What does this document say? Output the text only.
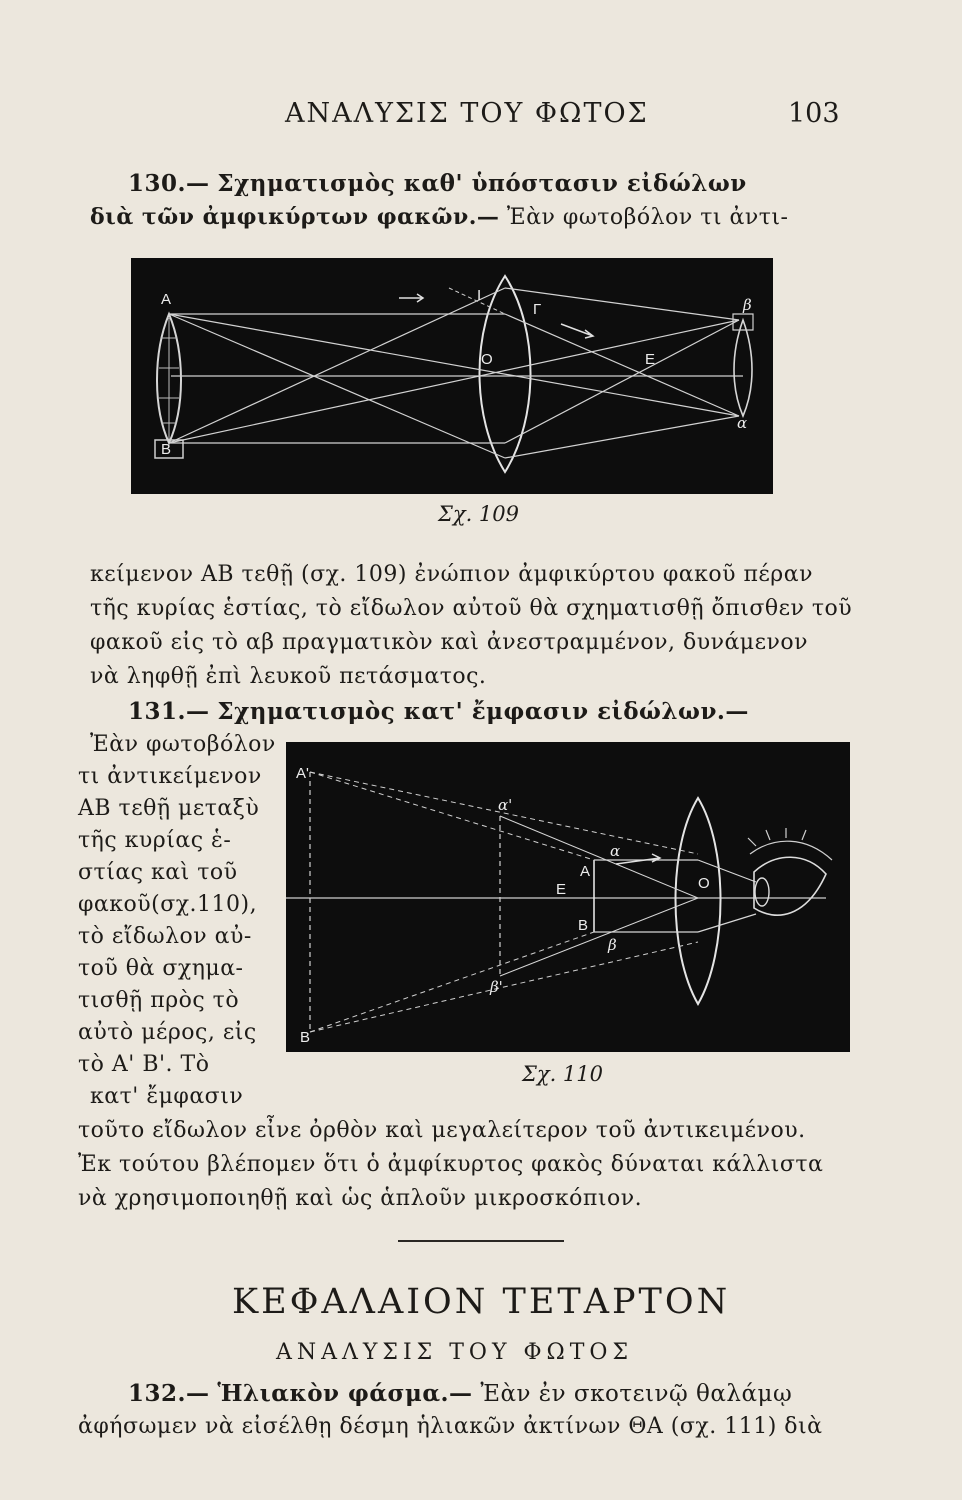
ΑΝΑΛΥΣΙΣ ΤΟΥ ΦΩΤΟΣ	103
130.— Σχηματισμὸς καθ' ὑπόστασιν εἰδώλων
διὰ τῶν ἀμφικύρτων φακῶν.— Ἐὰν φωτοβόλον τι ἀντι-
Α
Β
Ι
Γ
Ο	Ε
β
α
Σχ. 109
κείμενον ΑΒ τεθῇ (σχ. 109) ἐνώπιον ἀμφικύρτου φακοῦ πέραν
τῆς κυρίας ἑστίας, τὸ εἴδωλον αὐτοῦ θὰ σχηματισθῇ ὄπισθεν τοῦ
φακοῦ εἰς τὸ αβ πραγματικὸν καὶ ἀνεστραμμένον, δυνάμενον
νὰ ληφθῇ ἐπὶ λευκοῦ πετάσματος.
131.— Σχηματισμὸς κατ' ἔμφασιν εἰδώλων.—
Ἐὰν φωτοβόλον
τι ἀντικείμενον
ΑΒ τεθῇ μεταξὺ
τῆς κυρίας ἑ-
στίας καὶ τοῦ
φακοῦ(σχ.110),
τὸ εἴδωλον αὐ-
τοῦ θὰ σχημα-
τισθῇ πρὸς τὸ
αὐτὸ μέρος, εἰς
τὸ Α' Β'. Τὸ
κατ' ἔμφασιν
Α'
α'
α
Α
Ε	Ο
Β
β
β'
Β
Σχ. 110
τοῦτο εἴδωλον εἶνε ὀρθὸν καὶ μεγαλείτερον τοῦ ἀντικειμένου.
Ἐκ τούτου βλέπομεν ὅτι ὁ ἀμφίκυρτος φακὸς δύναται κάλλιστα
νὰ χρησιμοποιηθῇ καὶ ὡς ἁπλοῦν μικροσκόπιον.
ΚΕΦΑΛΑΙΟΝ ΤΕΤΑΡΤΟΝ
ΑΝΑΛΥΣΙΣ ΤΟΥ ΦΩΤΟΣ
132.— Ἡλιακὸν φάσμα.— Ἐὰν ἐν σκοτεινῷ θαλάμῳ
ἀφήσωμεν νὰ εἰσέλθῃ δέσμη ἡλιακῶν ἀκτίνων ΘΑ (σχ. 111) διὰ
